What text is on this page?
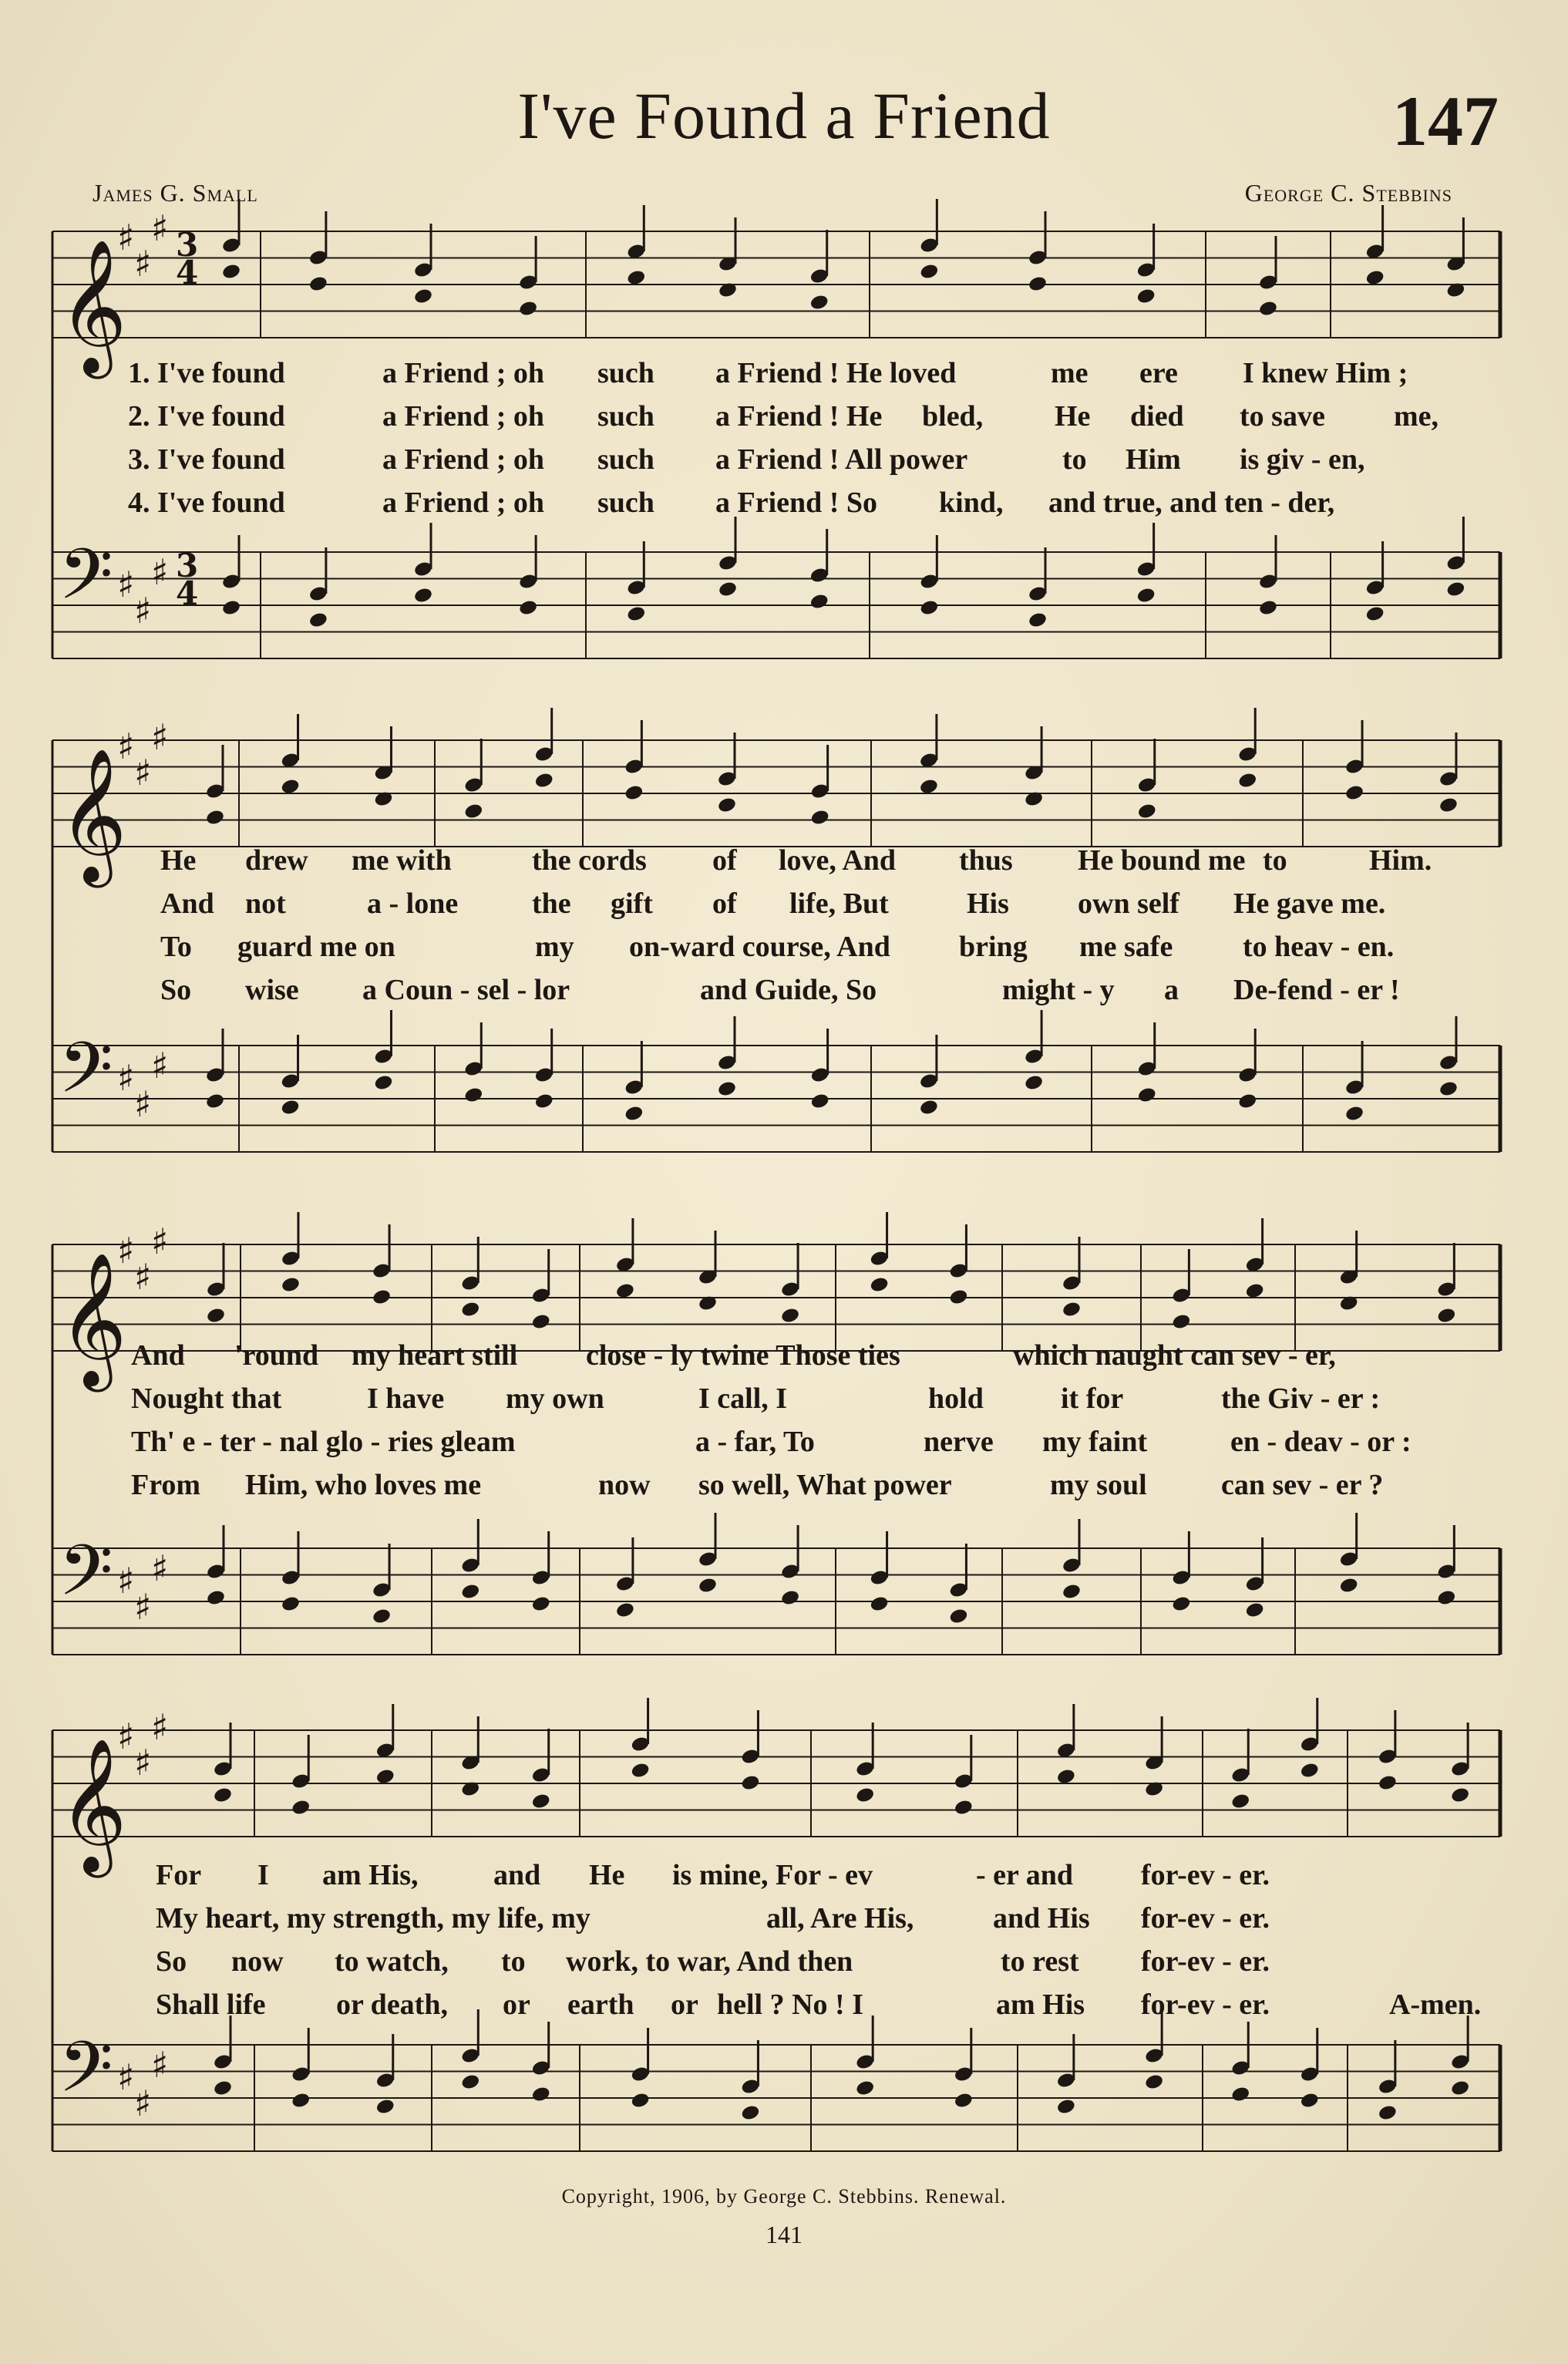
I've Found a Friend	147
James G. Small	George C. Stebbins
𝄞
𝄢
♯
♯
♯
♯
♯
♯
3
3
4
4
𝄞
𝄢
♯
♯
♯
♯
♯
♯
𝄞
𝄢
♯
♯
♯
♯
♯
♯
𝄞
𝄢
♯
♯
♯
♯
♯
♯
1. I've found	a Friend ; oh such a Friend ! He loved	me ere I knew Him ;
2. I've found	a Friend ; oh such a Friend ! He bled, He died to save me,
3. I've found	a Friend ; oh such a Friend ! All power	to Him is giv - en,
4. I've found	a Friend ; oh such a Friend ! So kind, and true, and ten - der,
He drew me with	the cords of love, And thus He bound me to	Him.
And not	a - lone	the gift of life, But	His own self He gave me.
To guard me on	my on-ward course, And bring me safe to heav - en.
So wise a Coun - sel - lor	and Guide, So	might - y a De-fend - er !
And 'round my heart still close - ly twine Those ties	which naught can sev - er,
Nought that	I have my own	I call, I	hold	it for	the Giv - er :
Th' e - ter - nal glo - ries gleam	a - far, To	nerve my faint	en - deav - or :
From Him, who loves me	now so well, What power	my soul	can sev - er ?
For I am His,	and He is mine, For - ev	- er and for-ev - er.
My heart, my strength, my life, my	all, Are His,	and His for-ev - er.
So now to watch, to work, to war, And then	to rest for-ev - er.
Shall life or death, or earth or hell ? No ! I	am His for-ev - er.	A-men.
Copyright, 1906, by George C. Stebbins. Renewal.
141
